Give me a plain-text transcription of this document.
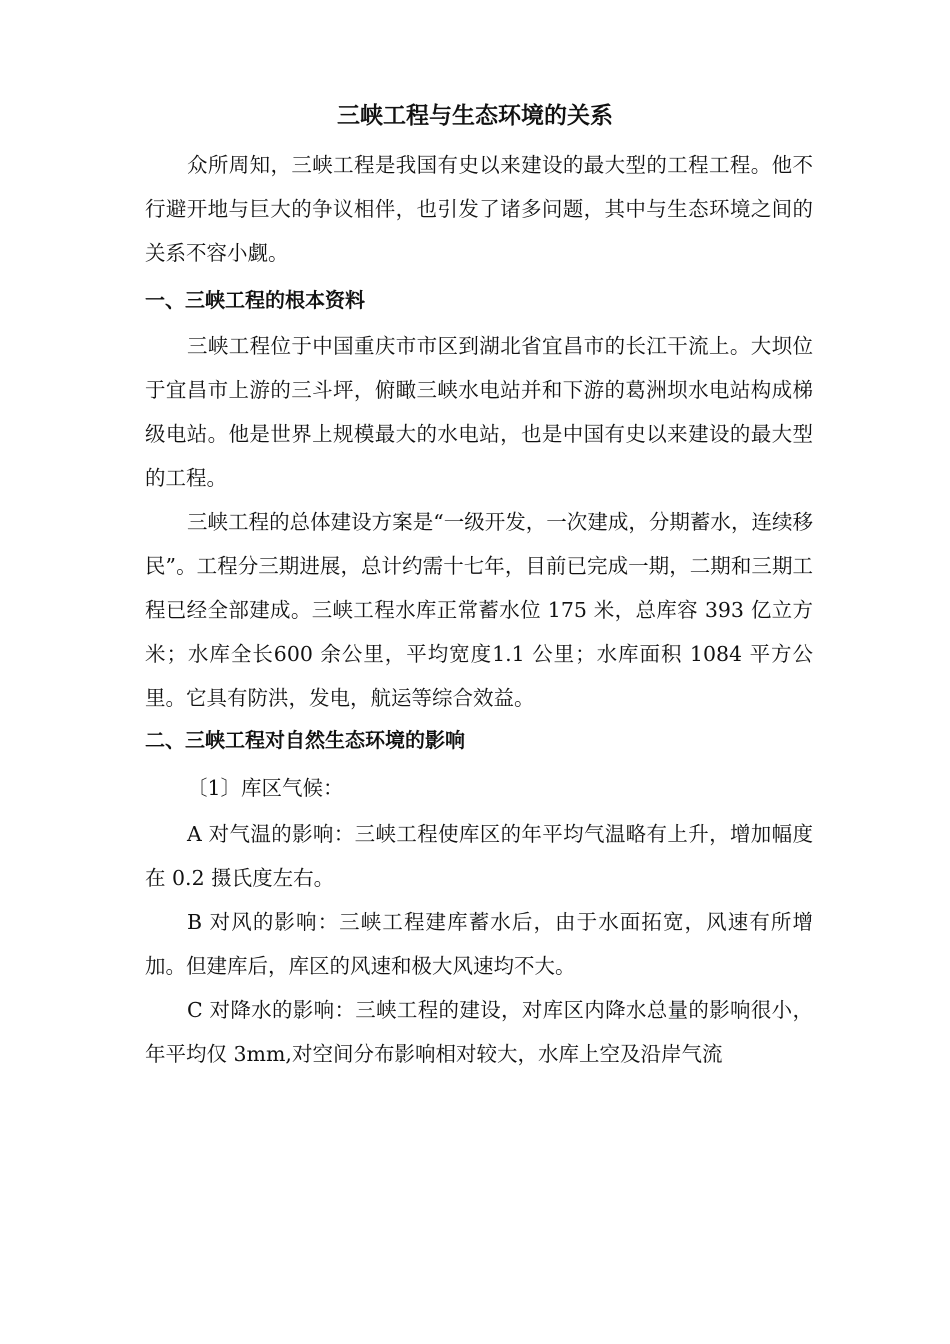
三峡工程与生态环境的关系
众所周知，三峡工程是我国有史以来建设的最大型的工程工程。他不行避开地与巨大的争议相伴，也引发了诸多问题，其中与生态环境之间的关系不容小觑。
一、三峡工程的根本资料
三峡工程位于中国重庆市市区到湖北省宜昌市的长江干流上。大坝位于宜昌市上游的三斗坪，俯瞰三峡水电站并和下游的葛洲坝水电站构成梯级电站。他是世界上规模最大的水电站，也是中国有史以来建设的最大型的工程。
三峡工程的总体建设方案是“一级开发，一次建成，分期蓄水，连续移民”。工程分三期进展，总计约需十七年，目前已完成一期，二期和三期工程已经全部建成。三峡工程水库正常蓄水位 175 米，总库容 393 亿立方米；水库全长600 余公里，平均宽度1.1 公里；水库面积 1084 平方公里。它具有防洪，发电，航运等综合效益。
二、三峡工程对自然生态环境的影响
〔1〕库区气候：
A 对气温的影响：三峡工程使库区的年平均气温略有上升，增加幅度在 0.2 摄氏度左右。
B 对风的影响：三峡工程建库蓄水后，由于水面拓宽，风速有所增加。但建库后，库区的风速和极大风速均不大。
C 对降水的影响：三峡工程的建设，对库区内降水总量的影响很小，年平均仅 3mm,对空间分布影响相对较大，水库上空及沿岸气流
